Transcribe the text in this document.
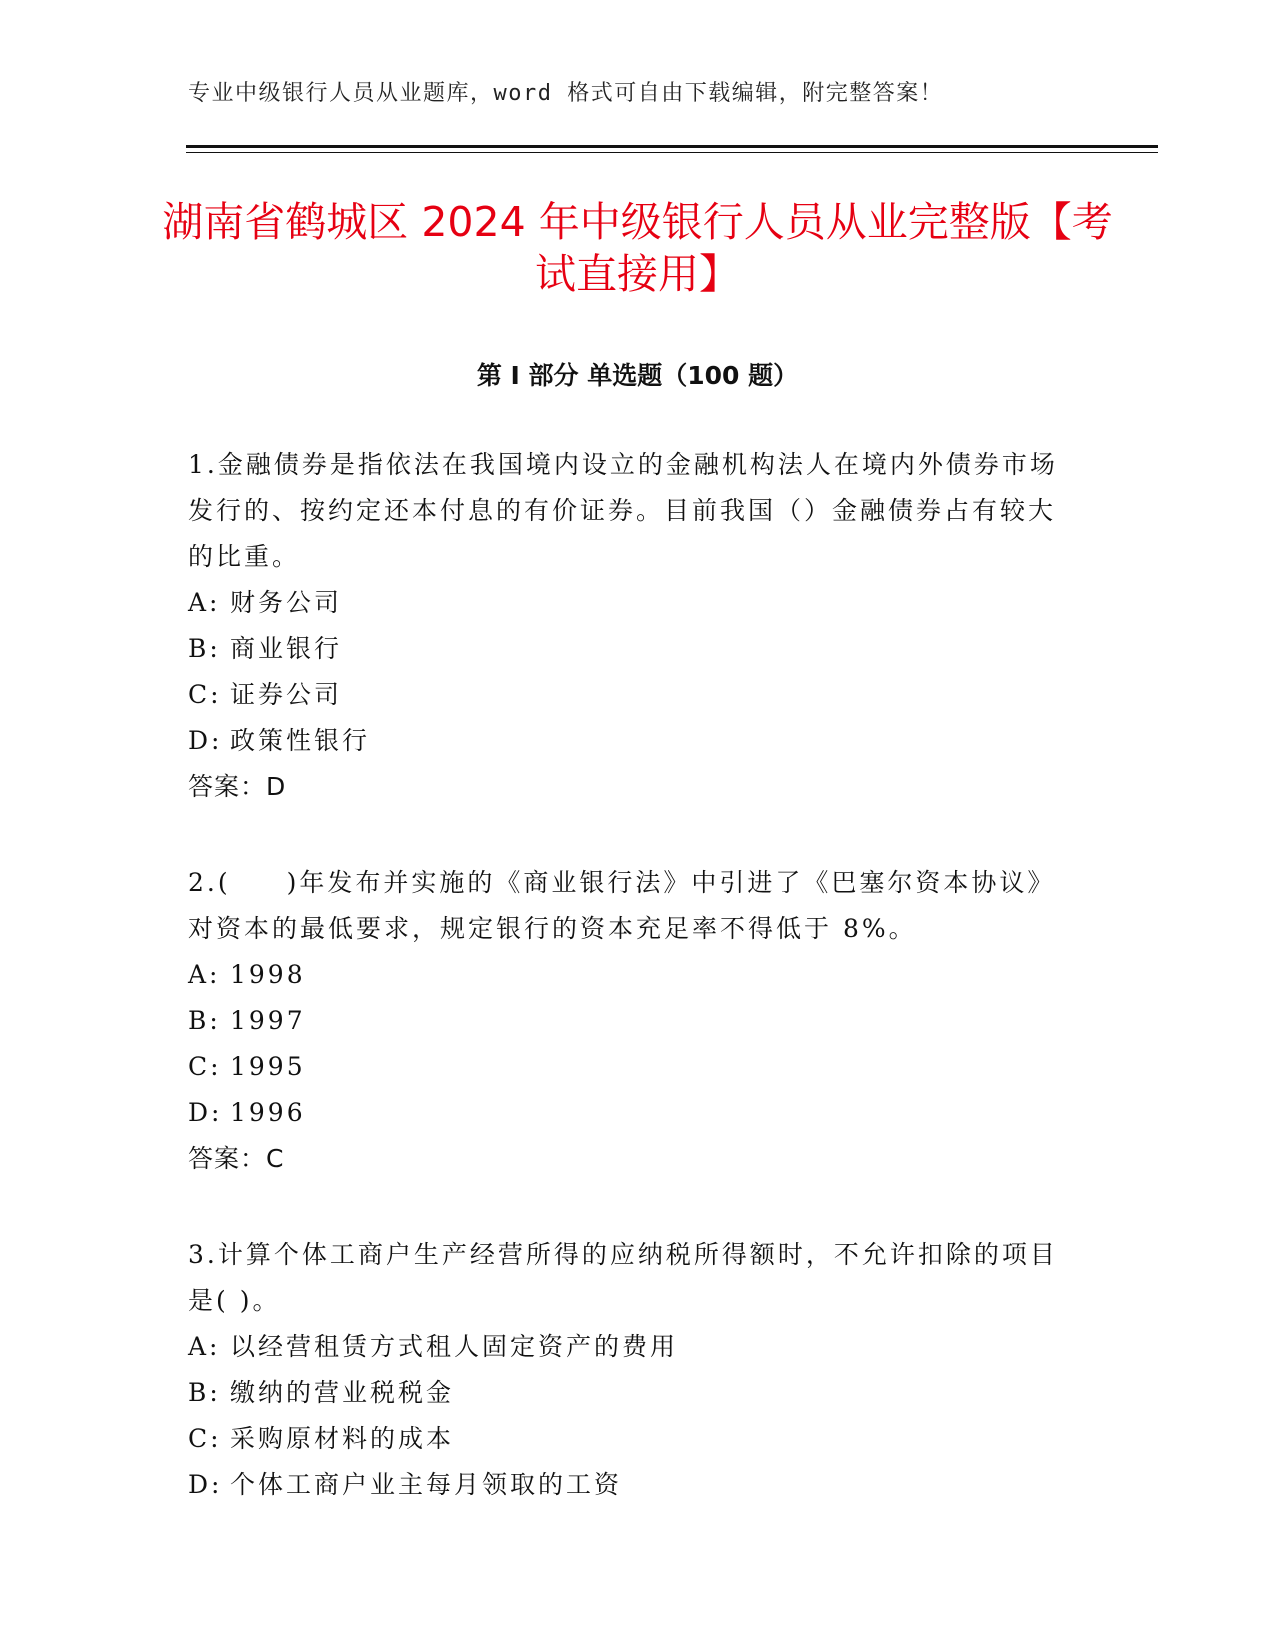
专业中级银行人员从业题库，word 格式可自由下载编辑，附完整答案！
湖南省鹤城区 2024 年中级银行人员从业完整版【考试直接用】
第 I 部分 单选题（100 题）

1.金融债券是指依法在我国境内设立的金融机构法人在境内外债券市场发行的、按约定还本付息的有价证券。目前我国（）金融债券占有较大的比重。

A: 财务公司

B: 商业银行

C: 证券公司

D: 政策性银行

答案：D

2.(　　)年发布并实施的《商业银行法》中引进了《巴塞尔资本协议》对资本的最低要求，规定银行的资本充足率不得低于 8%。

A: 1998

B: 1997

C: 1995

D: 1996

答案：C

3.计算个体工商户生产经营所得的应纳税所得额时，不允许扣除的项目是( )。

A: 以经营租赁方式租人固定资产的费用

B: 缴纳的营业税税金

C: 采购原材料的成本

D: 个体工商户业主每月领取的工资
